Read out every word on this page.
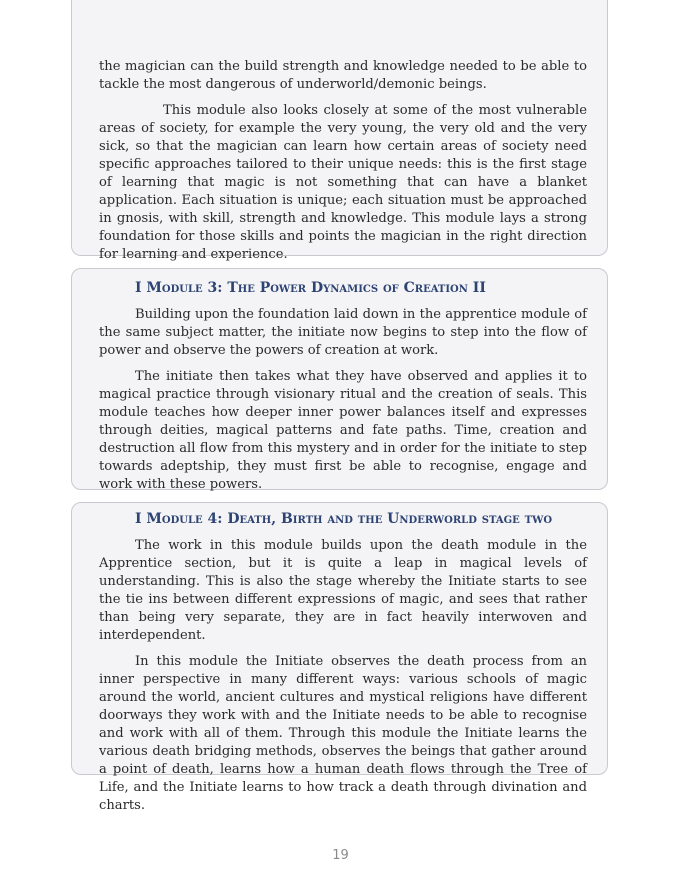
the magician can the build strength and knowledge needed to be able to tackle the most dangerous of underworld/demonic beings.

This module also looks closely at some of the most vulnerable areas of society, for example the very young, the very old and the very sick, so that the magician can learn how certain areas of society need specific approaches tailored to their unique needs: this is the first stage of learning that magic is not something that can have a blanket application. Each situation is unique; each situation must be approached in gnosis, with skill, strength and knowledge. This module lays a strong foundation for those skills and points the magician in the right direction for learning and experience.

I Module 3: The Power Dynamics of Creation II

Building upon the foundation laid down in the apprentice module of the same subject matter, the initiate now begins to step into the flow of power and observe the powers of creation at work.

The initiate then takes what they have observed and applies it to magical practice through visionary ritual and the creation of seals. This module teaches how deeper inner power balances itself and expresses through deities, magical patterns and fate paths. Time, creation and destruction all flow from this mystery and in order for the initiate to step towards adeptship, they must first be able to recognise, engage and work with these powers.

I Module 4: Death, Birth and the Underworld stage two

The work in this module builds upon the death module in the Apprentice section, but it is quite a leap in magical levels of understanding. This is also the stage whereby the Initiate starts to see the tie ins between different expressions of magic, and sees that rather than being very separate, they are in fact heavily interwoven and interdependent.

In this module the Initiate observes the death process from an inner perspective in many different ways: various schools of magic around the world, ancient cultures and mystical religions have different doorways they work with and the Initiate needs to be able to recognise and work with all of them. Through this module the Initiate learns the various death bridging methods, observes the beings that gather around a point of death, learns how a human death flows through the Tree of Life, and the Initiate learns to how track a death through divination and charts.

19
